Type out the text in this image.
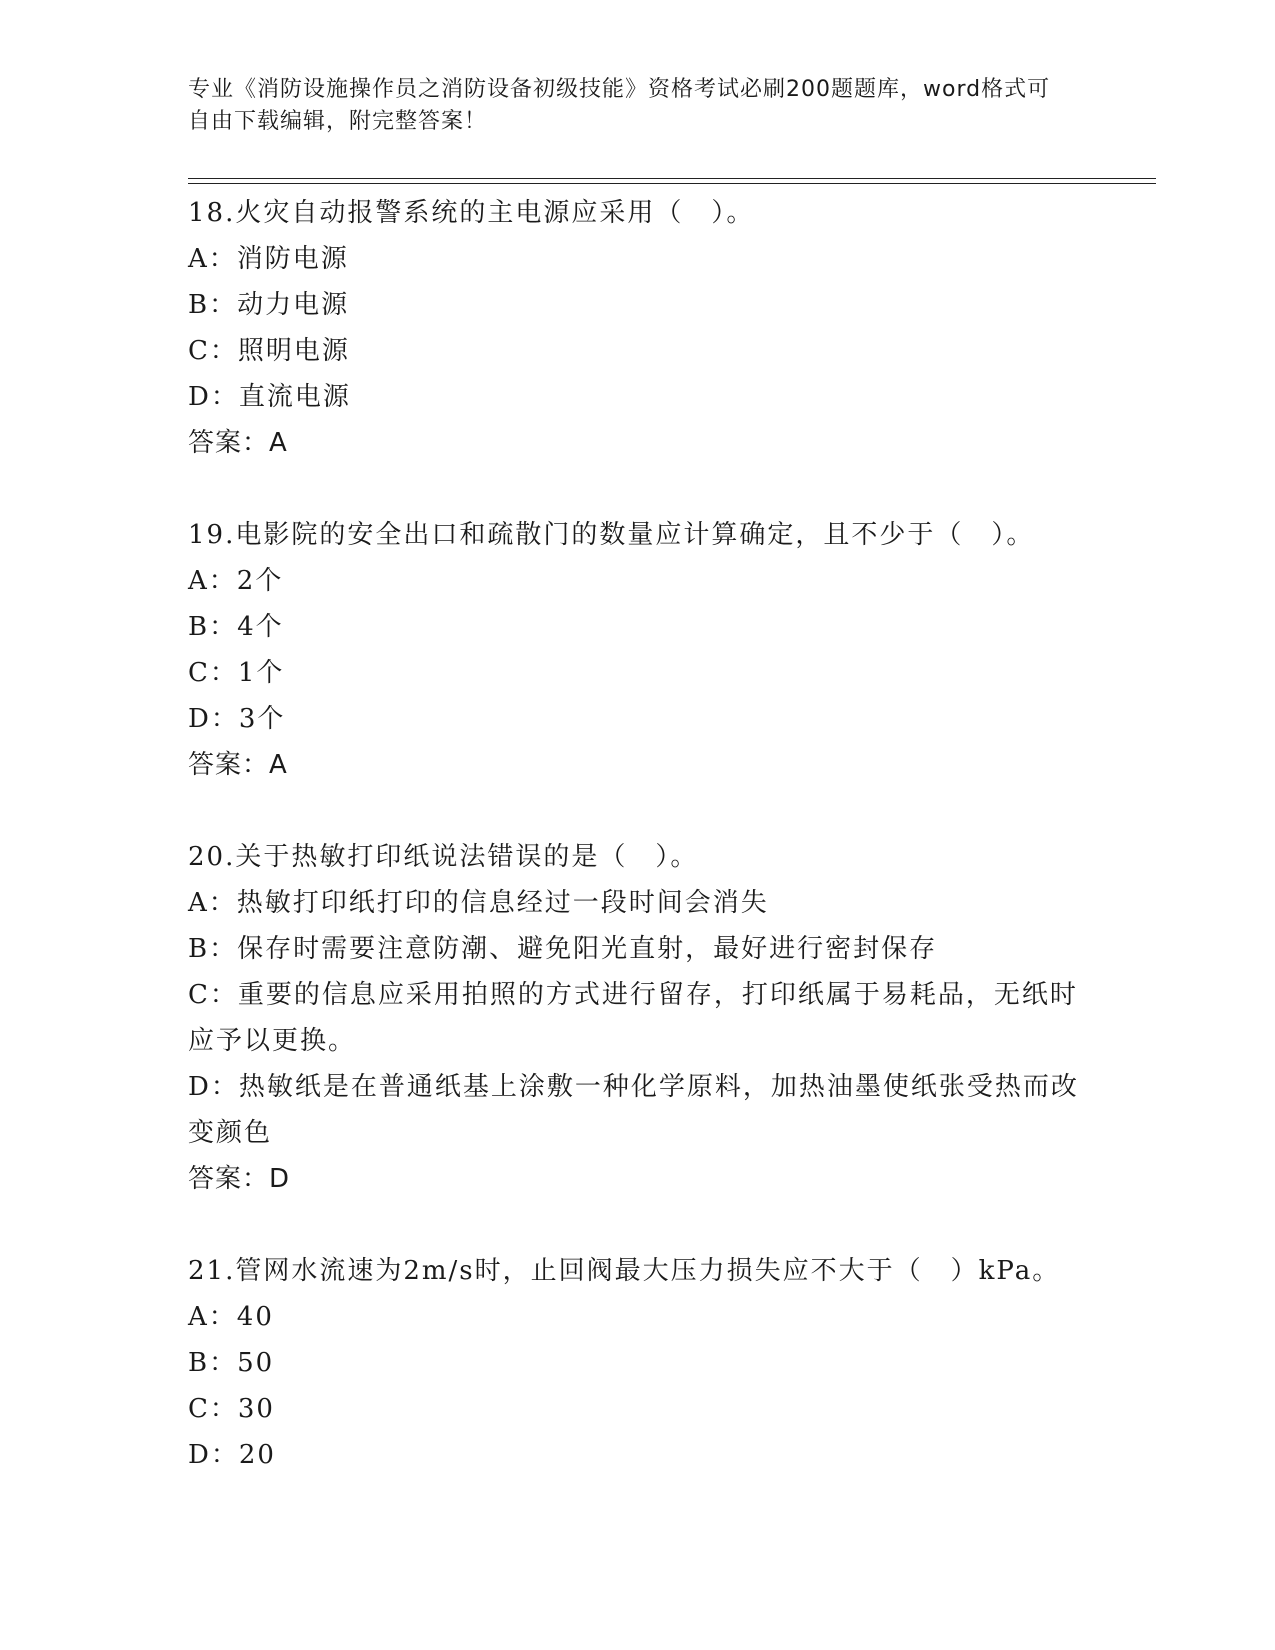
专业《消防设施操作员之消防设备初级技能》资格考试必刷200题题库，word格式可自由下载编辑，附完整答案！

18.火灾自动报警系统的主电源应采用（　）。

A：消防电源

B：动力电源

C：照明电源

D：直流电源

答案：A

19.电影院的安全出口和疏散门的数量应计算确定，且不少于（　）。

A：2个

B：4个

C：1个

D：3个

答案：A

20.关于热敏打印纸说法错误的是（　）。

A：热敏打印纸打印的信息经过一段时间会消失

B：保存时需要注意防潮、避免阳光直射，最好进行密封保存

C：重要的信息应采用拍照的方式进行留存，打印纸属于易耗品，无纸时应予以更换。

D：热敏纸是在普通纸基上涂敷一种化学原料，加热油墨使纸张受热而改变颜色

答案：D

21.管网水流速为2m/s时，止回阀最大压力损失应不大于（　）kPa。

A：40

B：50

C：30

D：20
